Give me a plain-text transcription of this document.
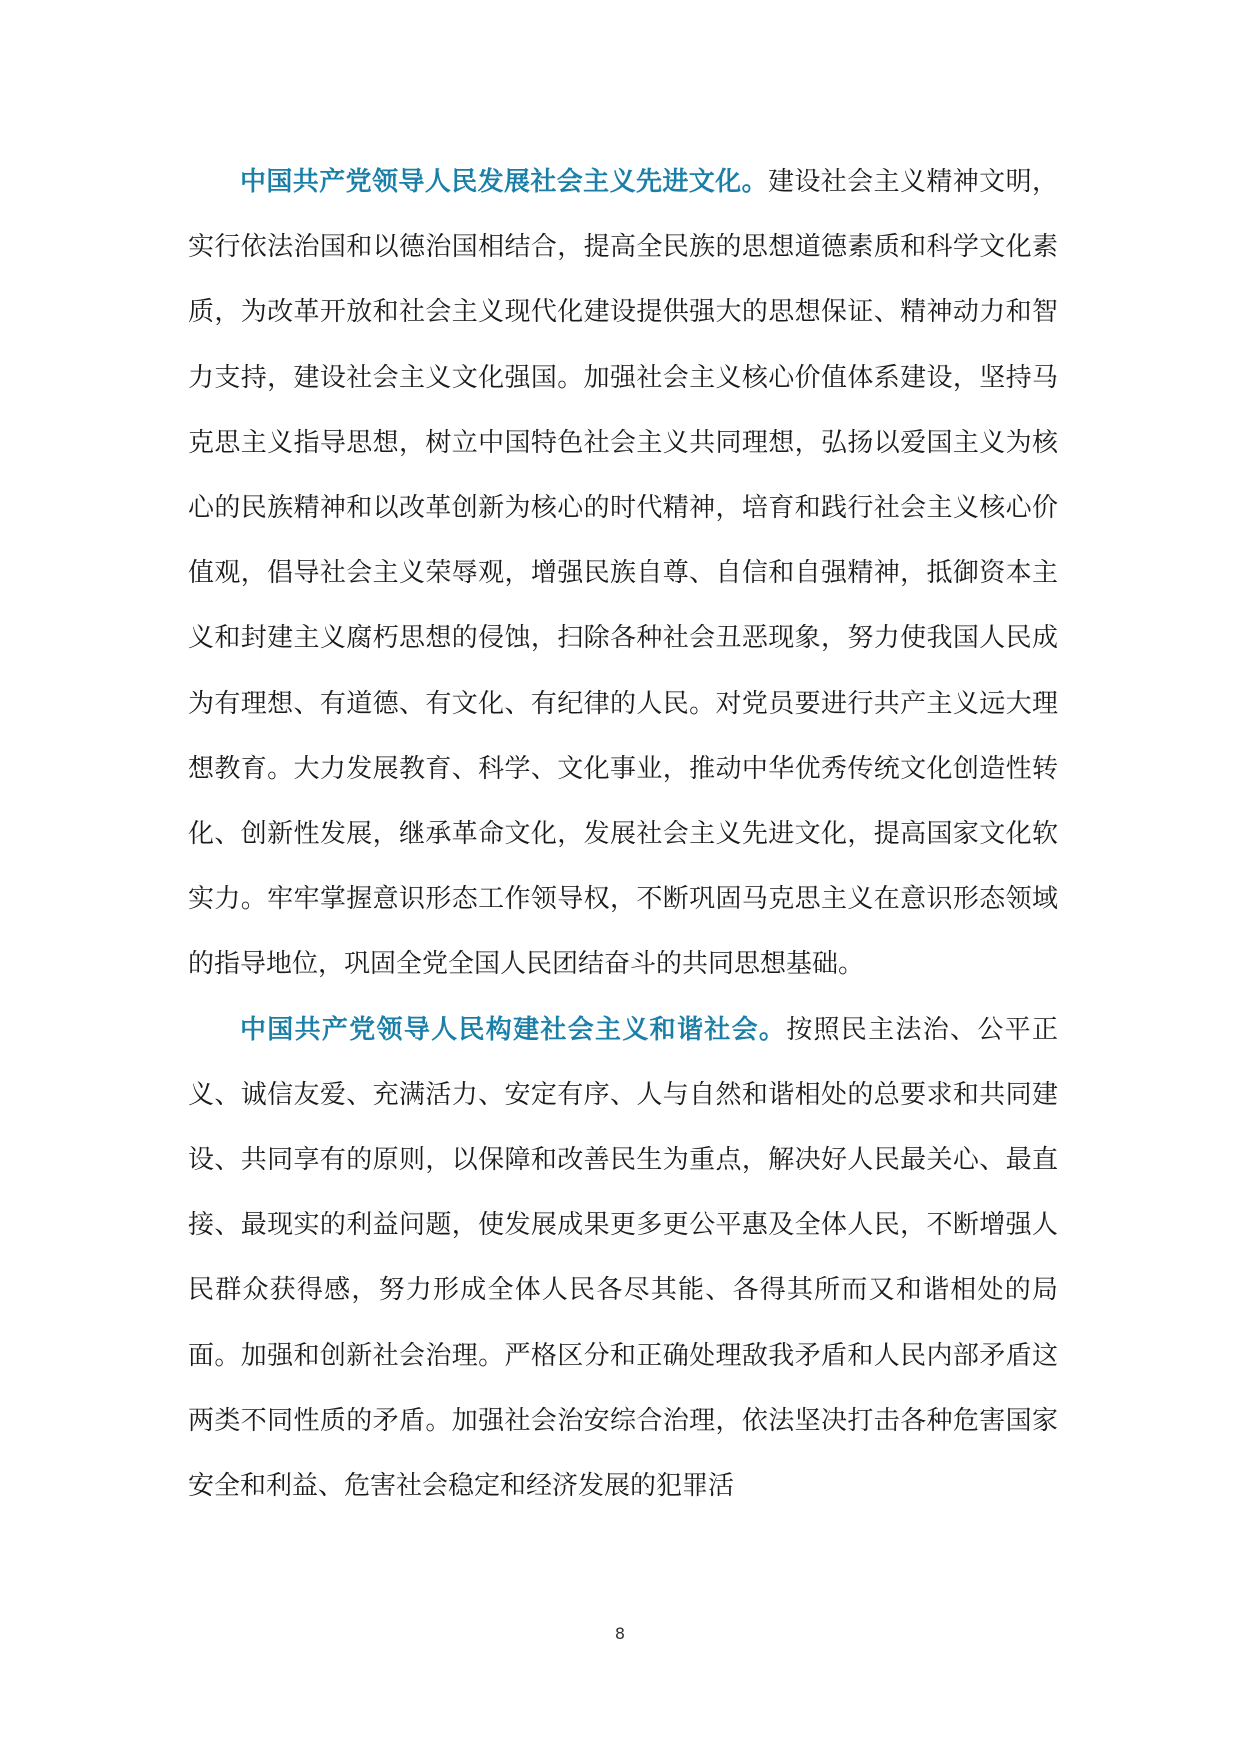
中国共产党领导人民发展社会主义先进文化。建设社会主义精神文明，实行依法治国和以德治国相结合，提高全民族的思想道德素质和科学文化素质，为改革开放和社会主义现代化建设提供强大的思想保证、精神动力和智力支持，建设社会主义文化强国。加强社会主义核心价值体系建设，坚持马克思主义指导思想，树立中国特色社会主义共同理想，弘扬以爱国主义为核心的民族精神和以改革创新为核心的时代精神，培育和践行社会主义核心价值观，倡导社会主义荣辱观，增强民族自尊、自信和自强精神，抵御资本主义和封建主义腐朽思想的侵蚀，扫除各种社会丑恶现象，努力使我国人民成为有理想、有道德、有文化、有纪律的人民。对党员要进行共产主义远大理想教育。大力发展教育、科学、文化事业，推动中华优秀传统文化创造性转化、创新性发展，继承革命文化，发展社会主义先进文化，提高国家文化软实力。牢牢掌握意识形态工作领导权，不断巩固马克思主义在意识形态领域的指导地位，巩固全党全国人民团结奋斗的共同思想基础。

中国共产党领导人民构建社会主义和谐社会。按照民主法治、公平正义、诚信友爱、充满活力、安定有序、人与自然和谐相处的总要求和共同建设、共同享有的原则，以保障和改善民生为重点，解决好人民最关心、最直接、最现实的利益问题，使发展成果更多更公平惠及全体人民，不断增强人民群众获得感，努力形成全体人民各尽其能、各得其所而又和谐相处的局面。加强和创新社会治理。严格区分和正确处理敌我矛盾和人民内部矛盾这两类不同性质的矛盾。加强社会治安综合治理，依法坚决打击各种危害国家安全和利益、危害社会稳定和经济发展的犯罪活

8
